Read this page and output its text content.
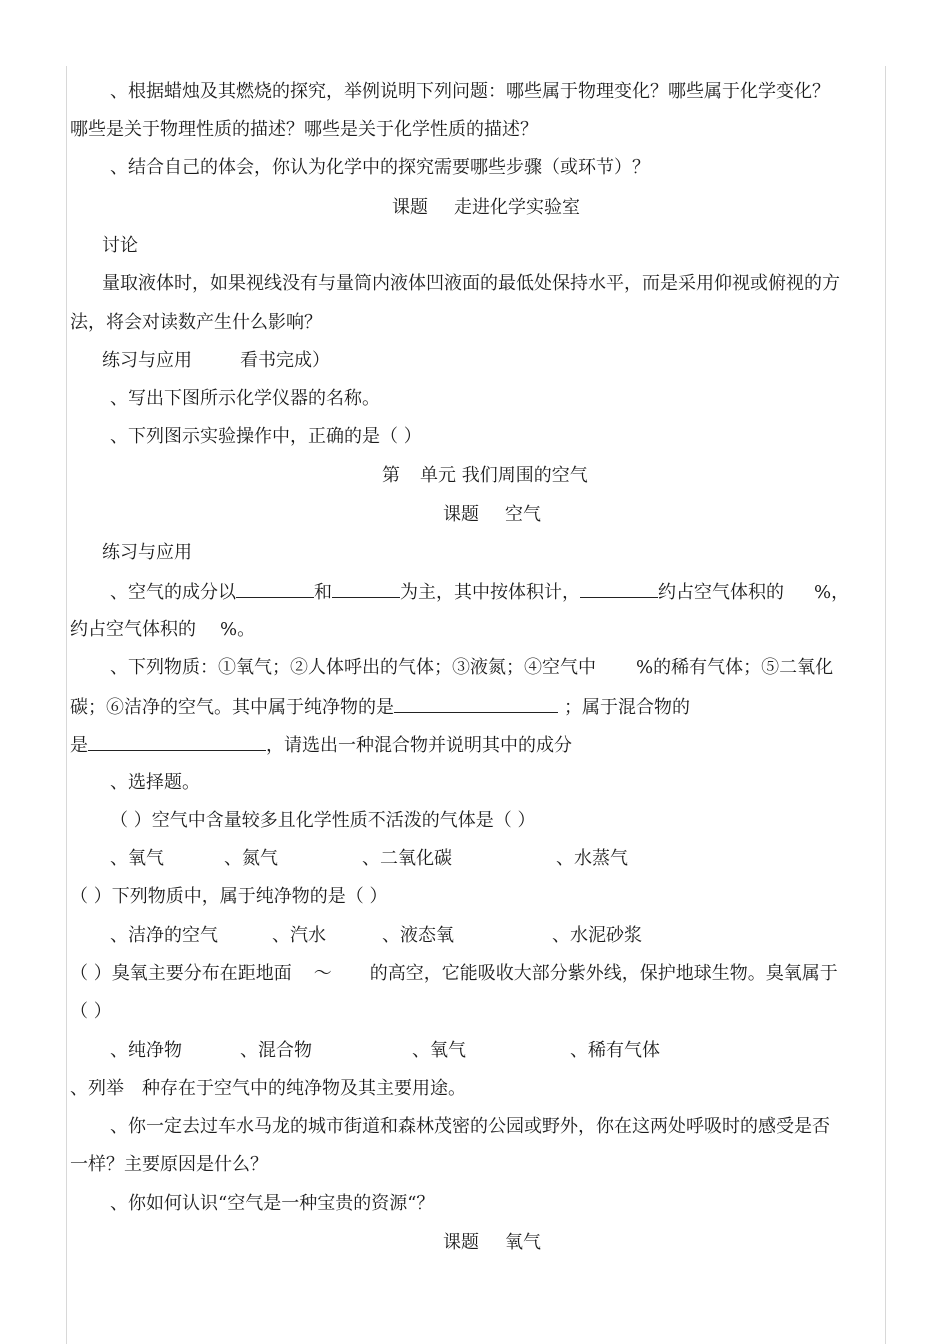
、根据蜡烛及其燃烧的探究，举例说明下列问题：哪些属于物理变化？哪些属于化学变化？
哪些是关于物理性质的描述？哪些是关于化学性质的描述？
、结合自己的体会，你认为化学中的探究需要哪些步骤（或环节）？
课题 走进化学实验室
讨论
量取液体时，如果视线没有与量筒内液体凹液面的最低处保持水平，而是采用仰视或俯视的方
法，将会对读数产生什么影响？
练习与应用	看书完成）
、写出下图所示化学仪器的名称。
、下列图示实验操作中，正确的是（ ）
第 单元 我们周围的空气
课题 空气
练习与应用
、空气的成分以	和	为主，其中按体积计，	约占空气体积的 %，
约占空气体积的 %。
、下列物质：①氧气；②人体呼出的气体；③液氮；④空气中 %的稀有气体；⑤二氧化
碳；⑥洁净的空气。其中属于纯净物的是	；属于混合物的
是	，请选出一种混合物并说明其中的成分
、选择题。
（ ）空气中含量较多且化学性质不活泼的气体是（ ）
、氧气	、氮气	、二氧化碳	、水蒸气
（ ）下列物质中，属于纯净物的是（ ）
、洁净的空气	、汽水	、液态氧	、水泥砂浆
（ ）臭氧主要分布在距地面 ～ 的高空，它能吸收大部分紫外线，保护地球生物。臭氧属于
（ ）
、纯净物	、混合物	、氧气	、稀有气体
、列举 种存在于空气中的纯净物及其主要用途。
、你一定去过车水马龙的城市街道和森林茂密的公园或野外，你在这两处呼吸时的感受是否
一样？主要原因是什么？
、你如何认识“空气是一种宝贵的资源“？
课题 氧气
